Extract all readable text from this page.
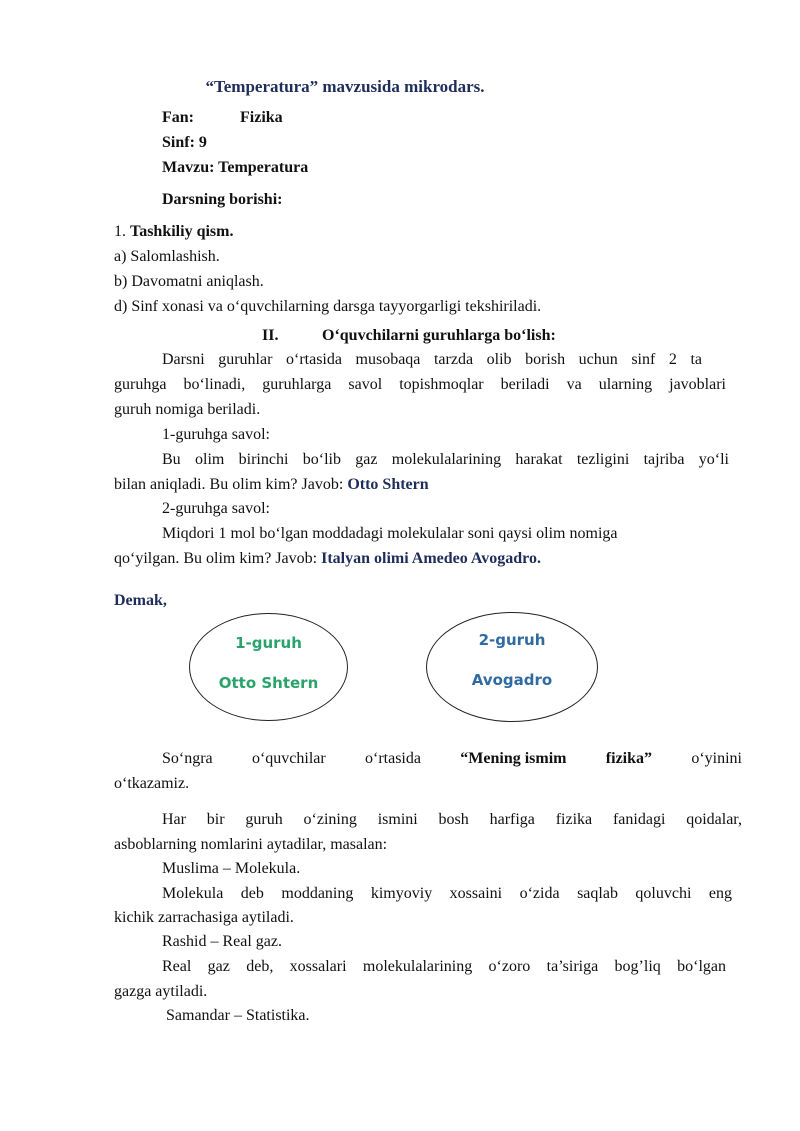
“Temperatura” mavzusida mikrodars.
Fan:	Fizika
Sinf: 9
Mavzu: Temperatura
Darsning borishi:
1. Tashkiliy qism.
a) Salomlashish.
b) Davomatni aniqlash.
d) Sinf xonasi va o‘quvchilarning darsga tayyorgarligi tekshiriladi.
II.	O‘quvchilarni guruhlarga bo‘lish:
Darsni guruhlar o‘rtasida musobaqa tarzda olib borish uchun sinf 2 ta
guruhga bo‘linadi, guruhlarga savol topishmoqlar beriladi va ularning javoblari
guruh nomiga beriladi.
1-guruhga savol:
Bu olim birinchi bo‘lib gaz molekulalarining harakat tezligini tajriba yo‘li
bilan aniqladi. Bu olim kim? Javob: Otto Shtern
2-guruhga savol:
Miqdori 1 mol bo‘lgan moddadagi molekulalar soni qaysi olim nomiga
qo‘yilgan. Bu olim kim? Javob: Italyan olimi Amedeo Avogadro.
Demak,
1-guruh
Otto Shtern
2-guruh
Avogadro
So‘ngra o‘quvchilar o‘rtasida “Mening ismim fizika” o‘yinini
o‘tkazamiz.
Har bir guruh o‘zining ismini bosh harfiga fizika fanidagi qoidalar,
asboblarning nomlarini aytadilar, masalan:
Muslima – Molekula.
Molekula deb moddaning kimyoviy xossaini o‘zida saqlab qoluvchi eng
kichik zarrachasiga aytiladi.
Rashid – Real gaz.
Real gaz deb, xossalari molekulalarining o‘zoro ta’siriga bog’liq bo‘lgan
gazga aytiladi.
Samandar – Statistika.
